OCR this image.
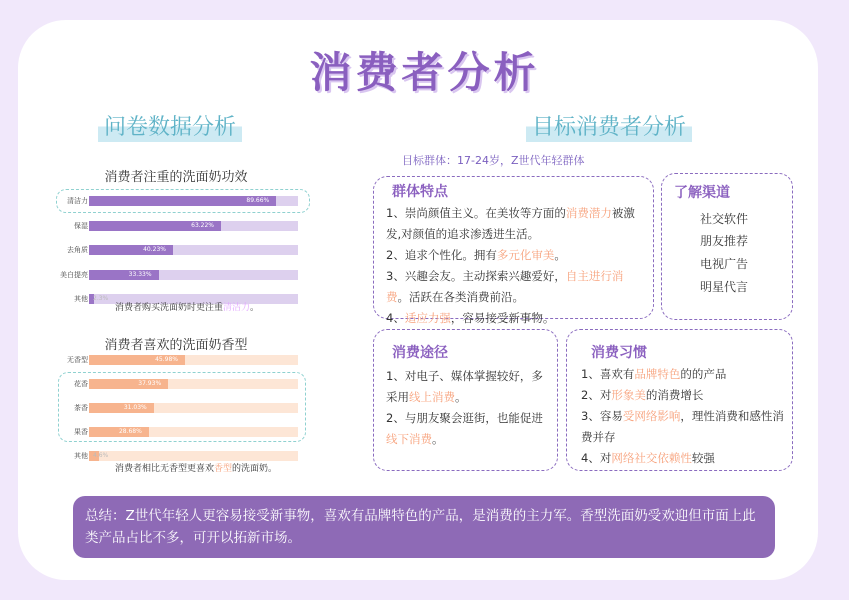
消费者分析
问卷数据分析
消费者注重的洗面奶功效
清洁力	89.66%
保湿	63.22%
去角质	40.23%
美白提亮	33.33%
其他 2.3%
消费者购买洗面奶时更注重清洁力。
消费者喜欢的洗面奶香型
无香型	45.98%
花香	37.93%
茶香	31.03%
果香	28.68%
其他 4.6%
消费者相比无香型更喜欢香型的洗面奶。
目标消费者分析
目标群体：17-24岁，Z世代年轻群体
群体特点
1、崇尚颜值主义。在美妆等方面的消费潜力被激发,对颜值的追求渗透进生活。
2、追求个性化。拥有多元化审美。
3、兴趣会友。主动探索兴趣爱好，自主进行消费。活跃在各类消费前沿。
4、适应力强，容易接受新事物。
了解渠道
社交软件
朋友推荐
电视广告
明星代言
消费途径
1、对电子、媒体掌握较好，多采用线上消费。
2、与朋友聚会逛街，也能促进线下消费。
消费习惯
1、喜欢有品牌特色的的产品
2、对形象美的消费增长
3、容易受网络影响，理性消费和感性消费并存
4、对网络社交依赖性较强
总结：Z世代年轻人更容易接受新事物，喜欢有品牌特色的产品，是消费的主力军。香型洗面奶受欢迎但市面上此类产品占比不多，可开以拓新市场。
